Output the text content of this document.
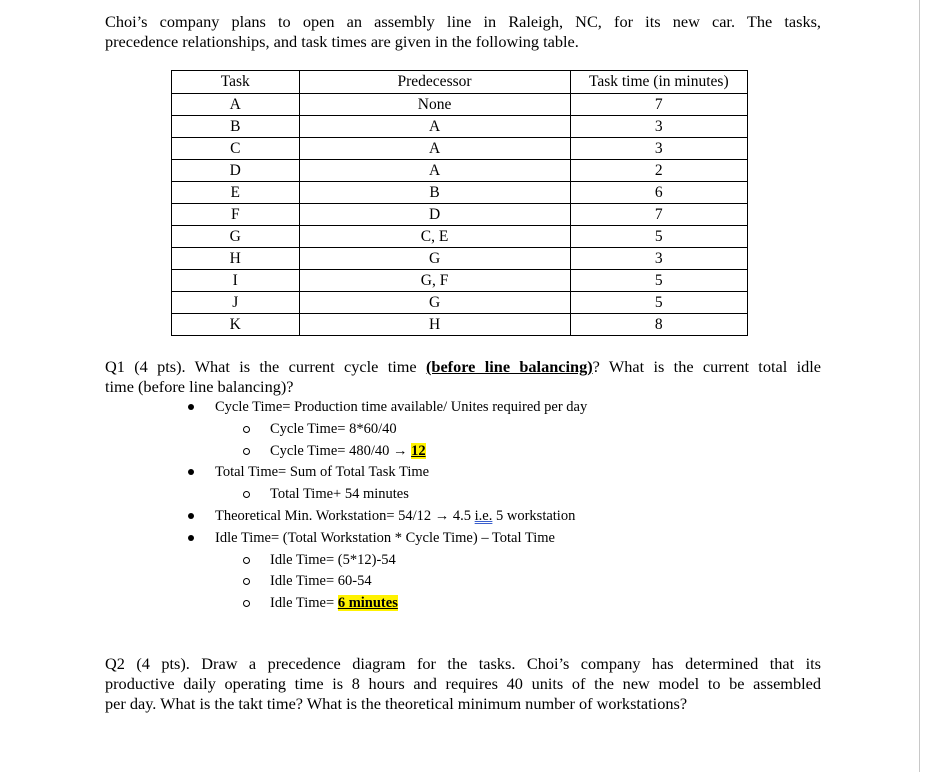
Choi’s company plans to open an assembly line in Raleigh, NC, for its new car. The tasks,
precedence relationships, and task times are given in the following table.
Task	Predecessor	Task time (in minutes)
A	None	7
B	A	3
C	A	3
D	A	2
E	B	6
F	D	7
G	C, E	5
H	G	3
I	G, F	5
J	G	5
K	H	8
Q1 (4 pts). What is the current cycle time (before line balancing)? What is the current total idle
time (before line balancing)?
Cycle Time= Production time available/ Unites required per day
Cycle Time= 8*60/40
Cycle Time= 480/40 → 12
Total Time= Sum of Total Task Time
Total Time+ 54 minutes
Theoretical Min. Workstation= 54/12 → 4.5 i.e. 5 workstation
Idle Time= (Total Workstation * Cycle Time) – Total Time
Idle Time= (5*12)-54
Idle Time= 60-54
Idle Time= 6 minutes
Q2 (4 pts). Draw a precedence diagram for the tasks. Choi’s company has determined that its
productive daily operating time is 8 hours and requires 40 units of the new model to be assembled
per day. What is the takt time? What is the theoretical minimum number of workstations?
